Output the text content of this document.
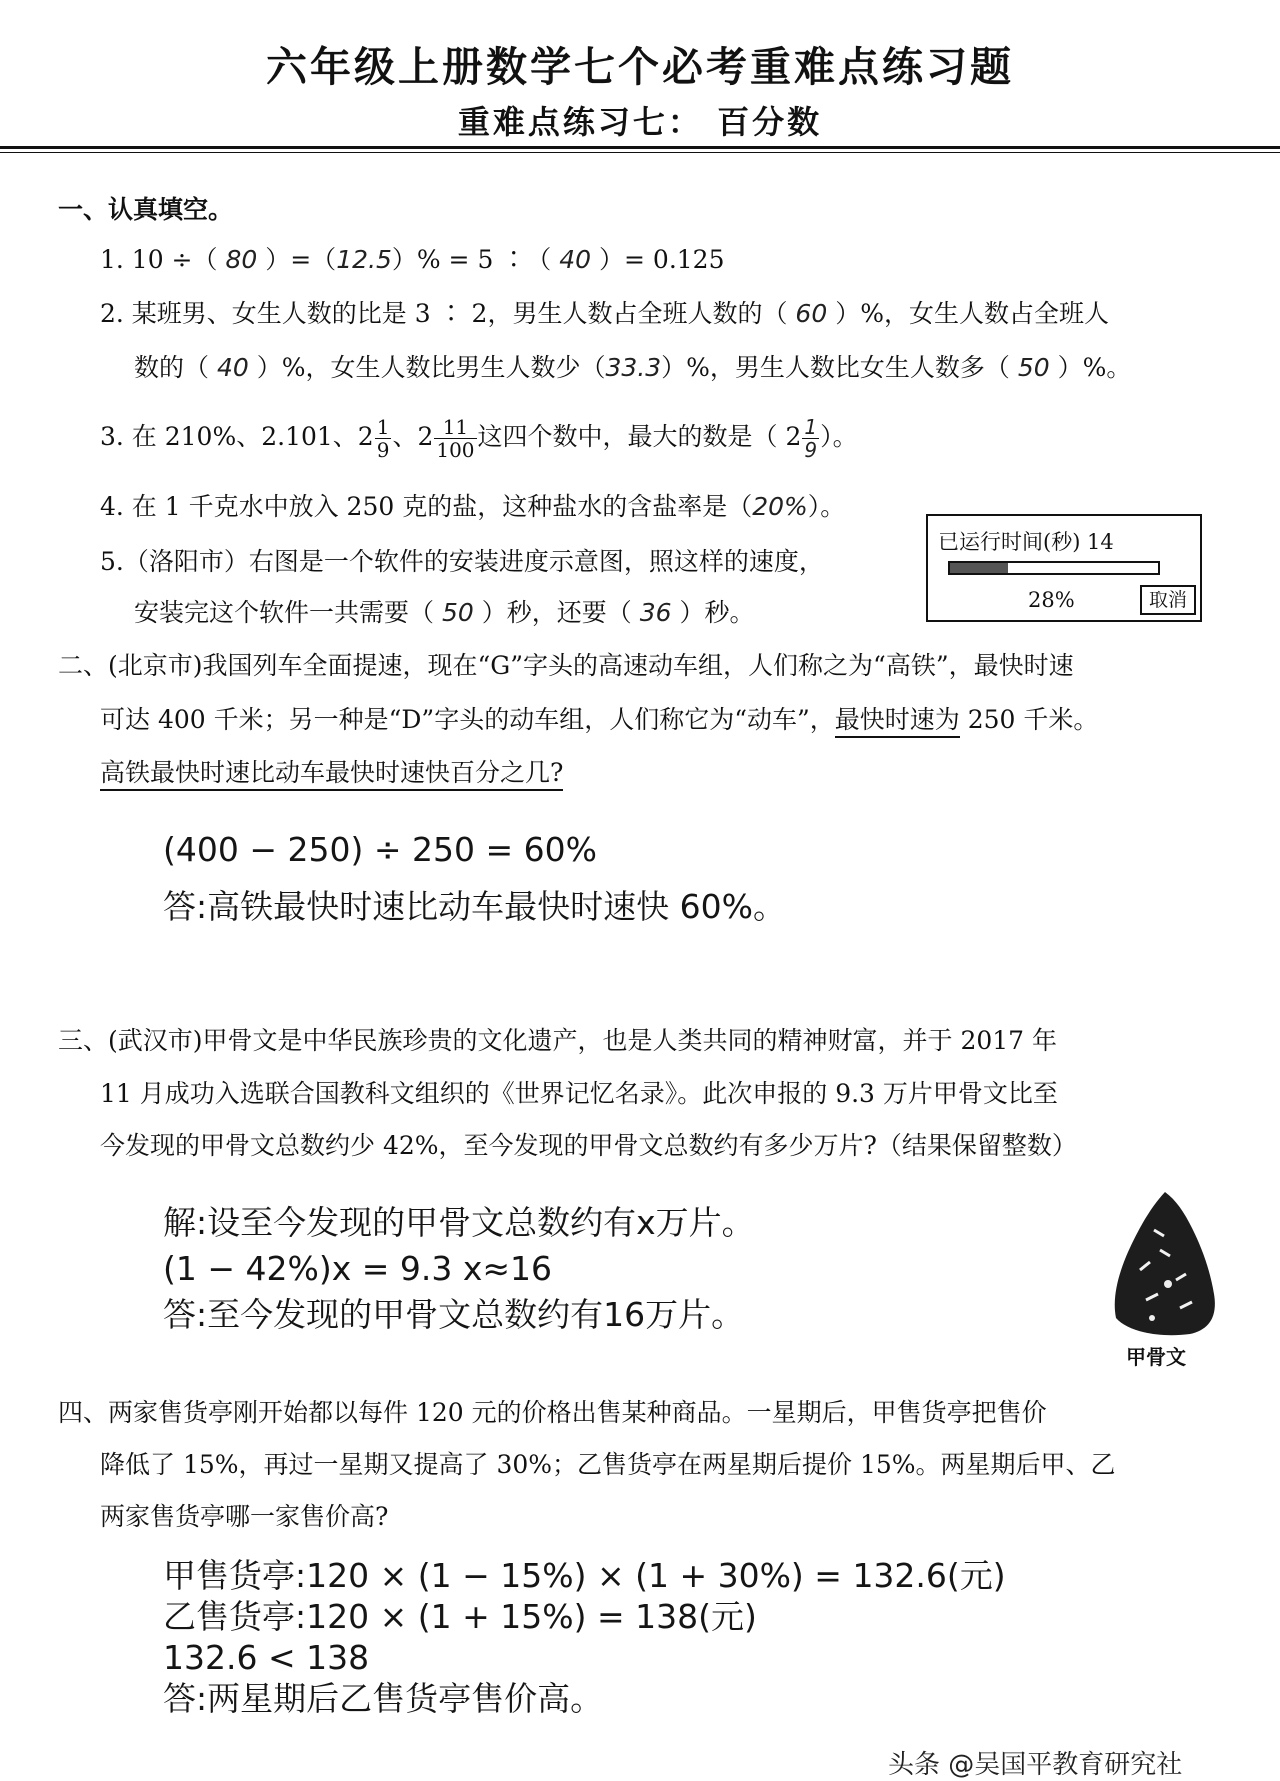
六年级上册数学七个必考重难点练习题
重难点练习七： 百分数
一、认真填空。
1. 10 ÷（ 80 ）=（12.5）% = 5 ∶（ 40 ）= 0.125
2. 某班男、女生人数的比是 3 ∶ 2，男生人数占全班人数的（ 60 ）%，女生人数占全班人
数的（ 40 ）%，女生人数比男生人数少（33.3）%，男生人数比女生人数多（ 50 ）%。
3. 在 210%、2.101、$2 \frac{1}{9}$ 、$2 \frac{11}{100}$ 这四个数中，最大的数是（ $2 \frac{1}{9}$ ）。
4. 在 1 千克水中放入 250 克的盐，这种盐水的含盐率是（20%）。
5.（洛阳市）右图是一个软件的安装进度示意图，照这样的速度，
安装完这个软件一共需要（ 50 ）秒，还要（ 36 ）秒。
已运行时间(秒) 14
28%	取消
二、(北京市)我国列车全面提速，现在“G”字头的高速动车组，人们称之为“高铁”，最快时速
可达 400 千米；另一种是“D”字头的动车组，人们称它为“动车”，最快时速为 250 千米。
高铁最快时速比动车最快时速快百分之几?
(400 − 250) ÷ 250 = 60%
答:高铁最快时速比动车最快时速快 60%。
三、(武汉市)甲骨文是中华民族珍贵的文化遗产，也是人类共同的精神财富，并于 2017 年
11 月成功入选联合国教科文组织的《世界记忆名录》。此次申报的 9.3 万片甲骨文比至
今发现的甲骨文总数约少 42%，至今发现的甲骨文总数约有多少万片?（结果保留整数）
解:设至今发现的甲骨文总数约有x万片。
(1 − 42%)x = 9.3 x≈16
答:至今发现的甲骨文总数约有16万片。
甲骨文
四、两家售货亭刚开始都以每件 120 元的价格出售某种商品。一星期后，甲售货亭把售价
降低了 15%，再过一星期又提高了 30%；乙售货亭在两星期后提价 15%。两星期后甲、乙
两家售货亭哪一家售价高?
甲售货亭:120 × (1 − 15%) × (1 + 30%) = 132.6(元)
乙售货亭:120 × (1 + 15%) = 138(元)
132.6 < 138
答:两星期后乙售货亭售价高。
头条 @吴国平教育研究社
